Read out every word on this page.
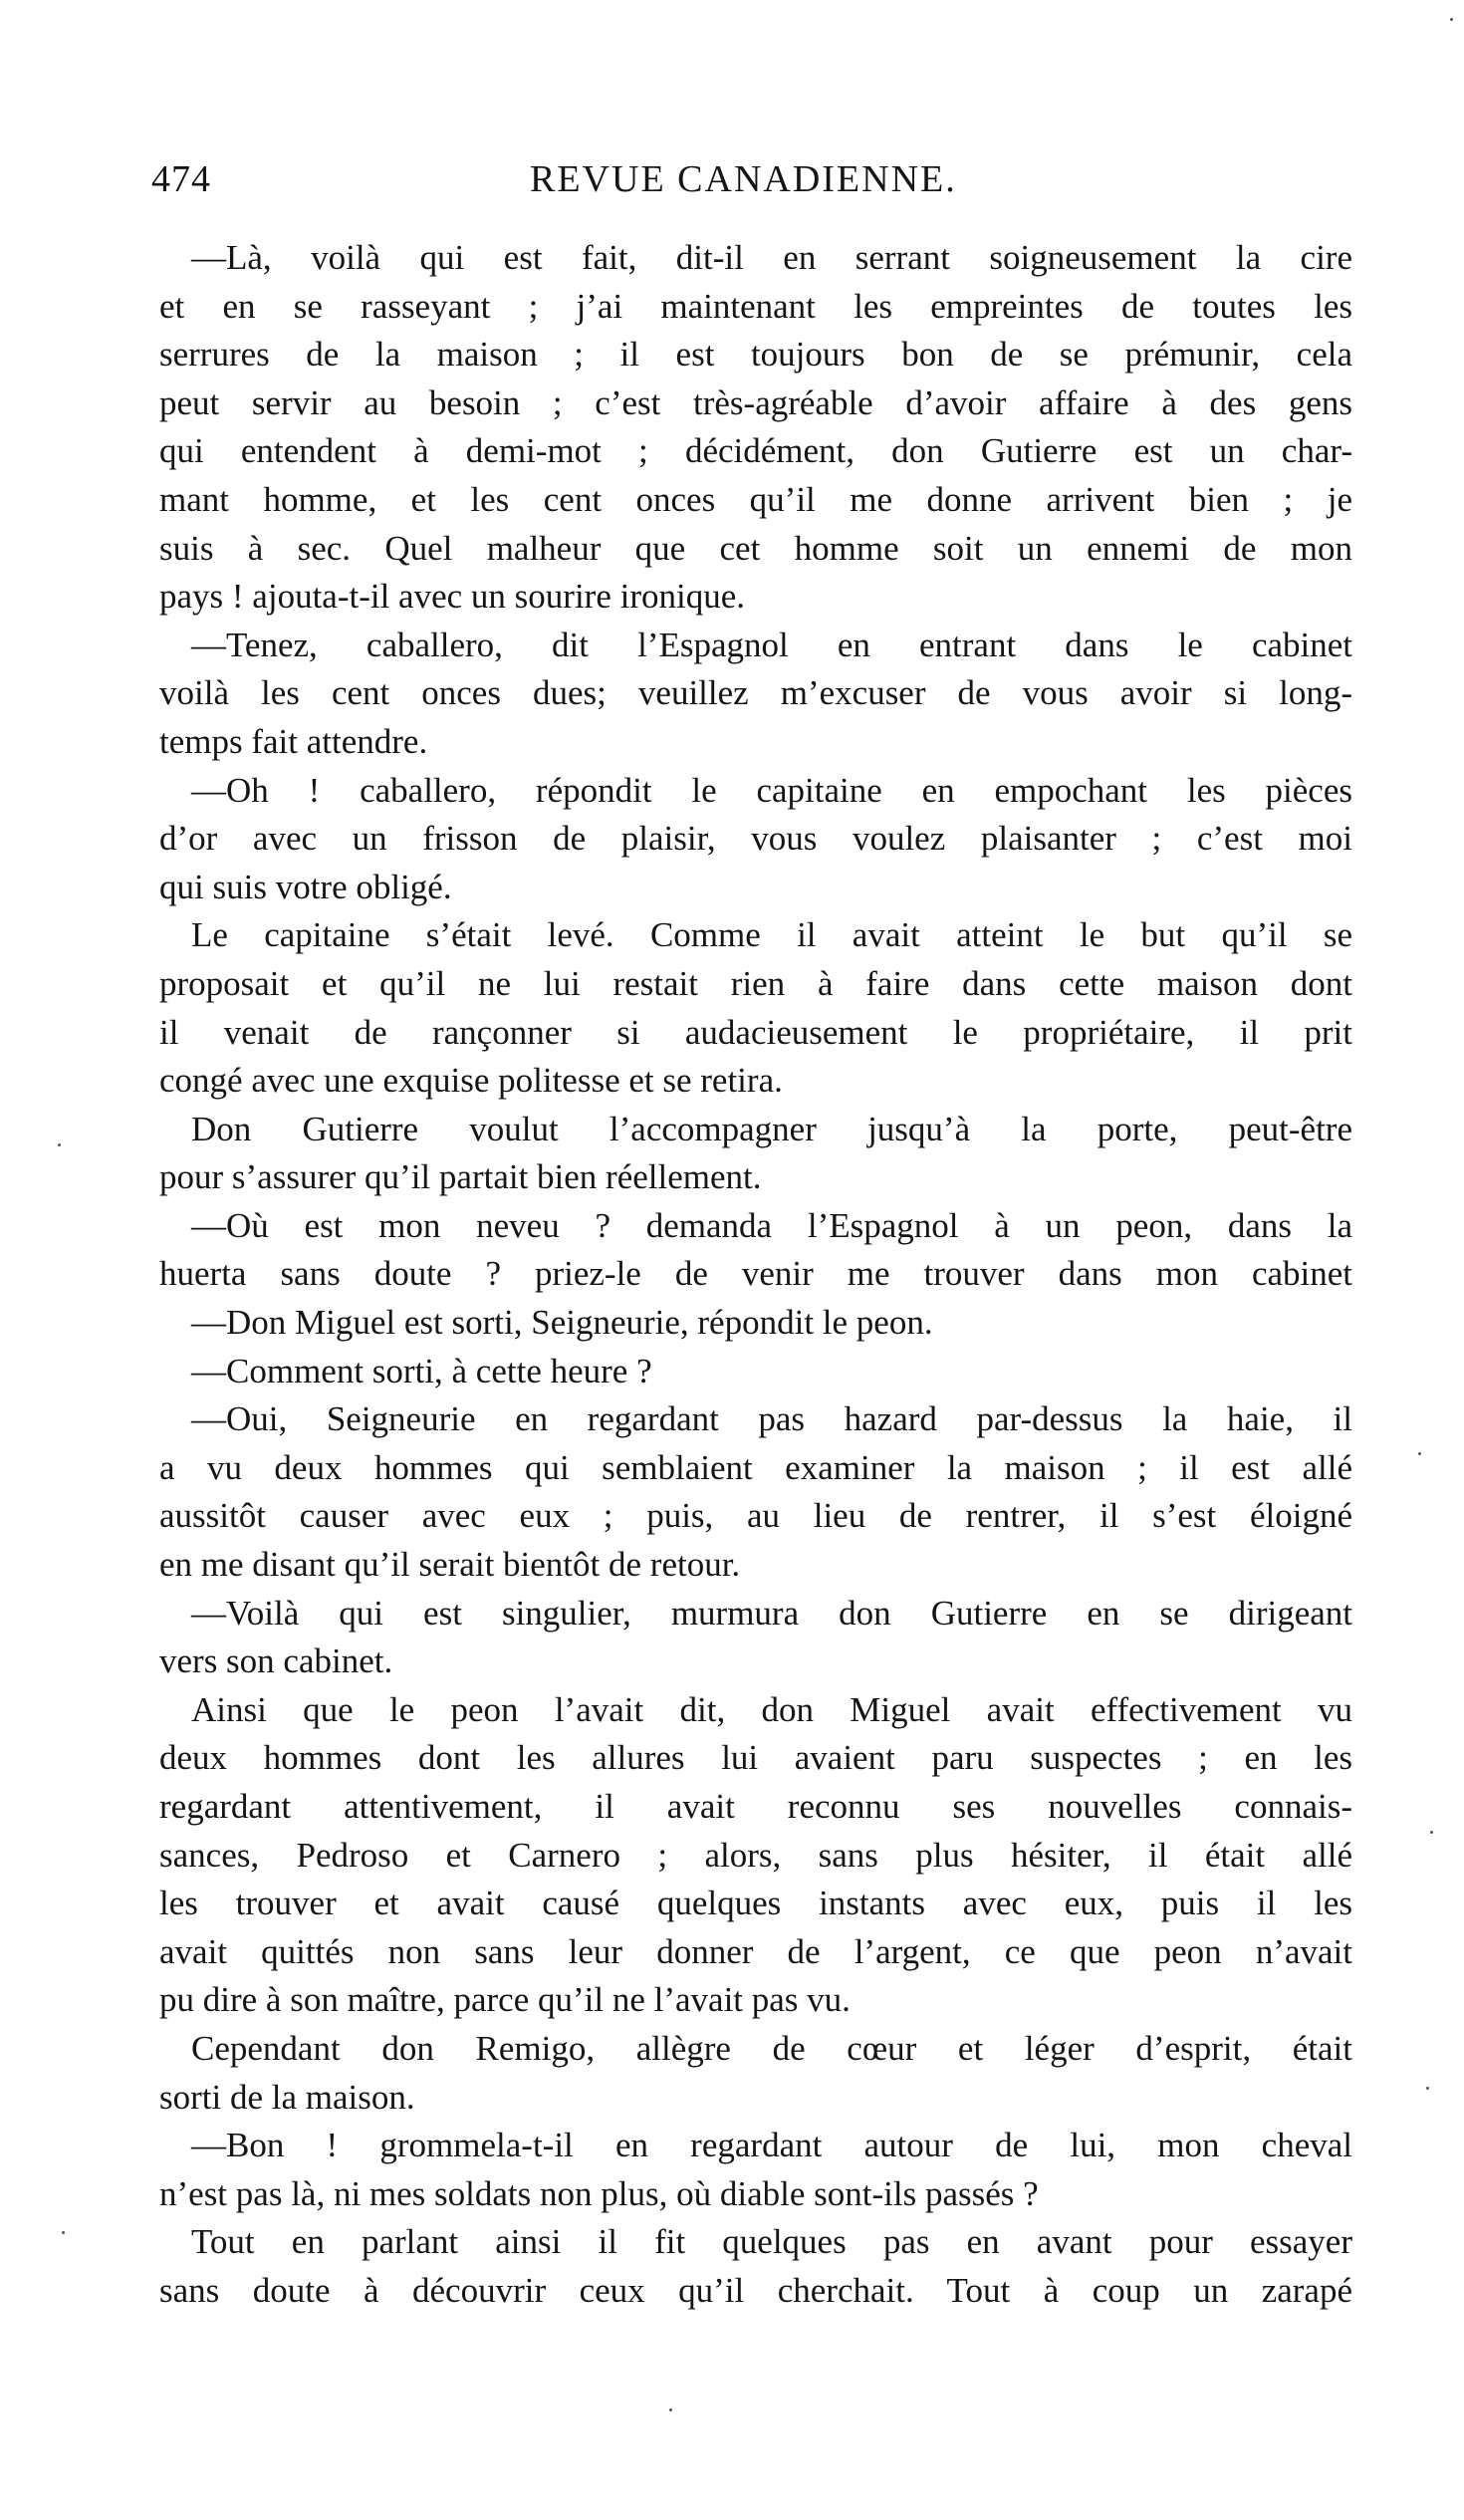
474	REVUE CANADIENNE.
—Là, voilà qui est fait, dit-il en serrant soigneusement la cire
et en se rasseyant ; j’ai maintenant les empreintes de toutes les
serrures de la maison ; il est toujours bon de se prémunir, cela
peut servir au besoin ; c’est très-agréable d’avoir affaire à des gens
qui entendent à demi-mot ; décidément, don Gutierre est un char-
mant homme, et les cent onces qu’il me donne arrivent bien ; je
suis à sec. Quel malheur que cet homme soit un ennemi de mon
pays ! ajouta-t-il avec un sourire ironique.
—Tenez, caballero, dit l’Espagnol en entrant dans le cabinet
voilà les cent onces dues; veuillez m’excuser de vous avoir si long-
temps fait attendre.
—Oh ! caballero, répondit le capitaine en empochant les pièces
d’or avec un frisson de plaisir, vous voulez plaisanter ; c’est moi
qui suis votre obligé.
Le capitaine s’était levé. Comme il avait atteint le but qu’il se
proposait et qu’il ne lui restait rien à faire dans cette maison dont
il venait de rançonner si audacieusement le propriétaire, il prit
congé avec une exquise politesse et se retira.
Don Gutierre voulut l’accompagner jusqu’à la porte, peut-être
pour s’assurer qu’il partait bien réellement.
—Où est mon neveu ? demanda l’Espagnol à un peon, dans la
huerta sans doute ? priez-le de venir me trouver dans mon cabinet
—Don Miguel est sorti, Seigneurie, répondit le peon.
—Comment sorti, à cette heure ?
—Oui, Seigneurie en regardant pas hazard par-dessus la haie, il
a vu deux hommes qui semblaient examiner la maison ; il est allé
aussitôt causer avec eux ; puis, au lieu de rentrer, il s’est éloigné
en me disant qu’il serait bientôt de retour.
—Voilà qui est singulier, murmura don Gutierre en se dirigeant
vers son cabinet.
Ainsi que le peon l’avait dit, don Miguel avait effectivement vu
deux hommes dont les allures lui avaient paru suspectes ; en les
regardant attentivement, il avait reconnu ses nouvelles connais-
sances, Pedroso et Carnero ; alors, sans plus hésiter, il était allé
les trouver et avait causé quelques instants avec eux, puis il les
avait quittés non sans leur donner de l’argent, ce que peon n’avait
pu dire à son maître, parce qu’il ne l’avait pas vu.
Cependant don Remigo, allègre de cœur et léger d’esprit, était
sorti de la maison.
—Bon ! grommela-t-il en regardant autour de lui, mon cheval
n’est pas là, ni mes soldats non plus, où diable sont-ils passés ?
Tout en parlant ainsi il fit quelques pas en avant pour essayer
sans doute à découvrir ceux qu’il cherchait. Tout à coup un zarapé
